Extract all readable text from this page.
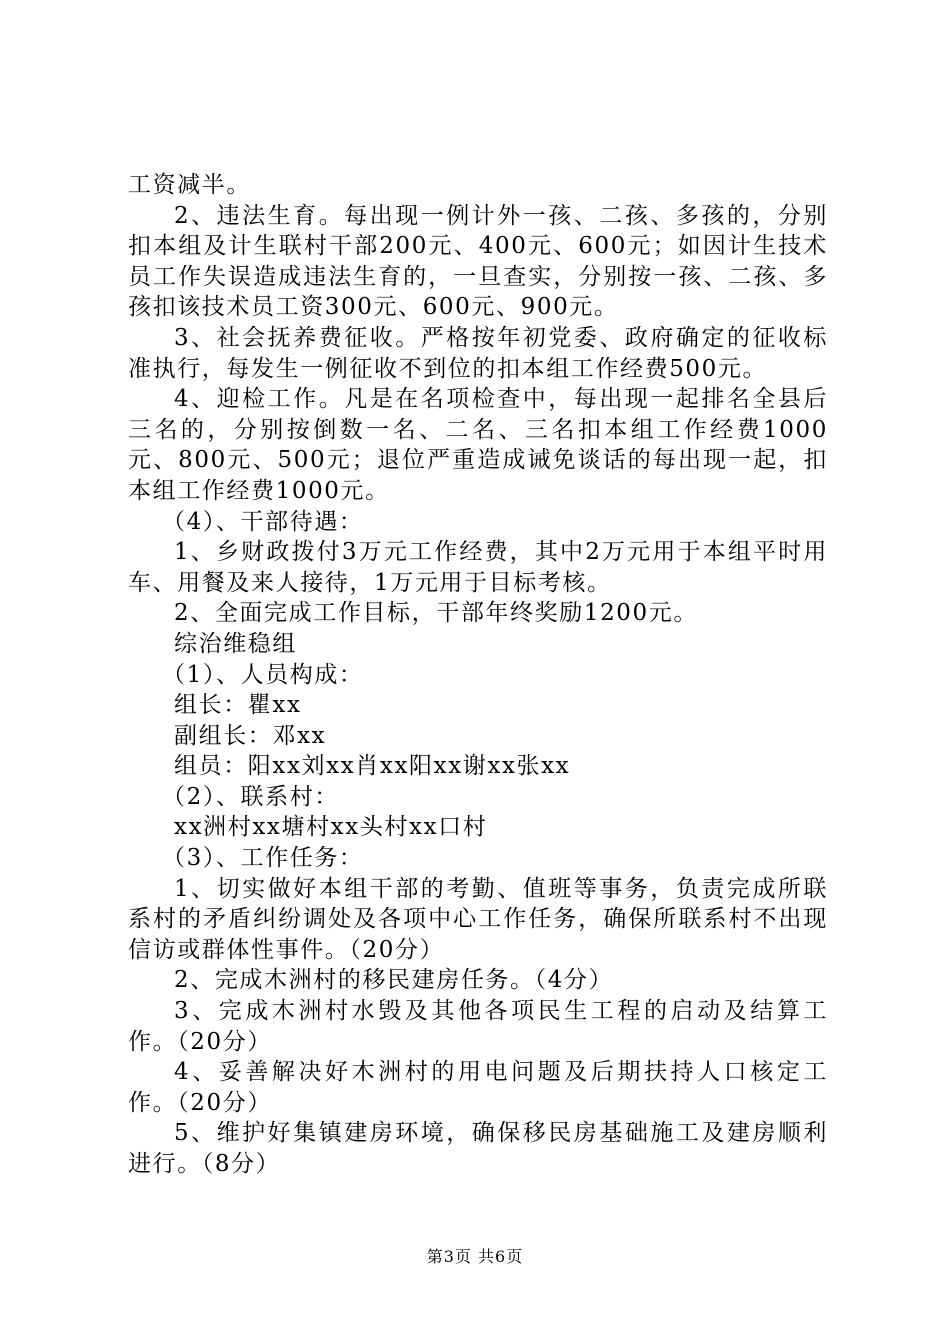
工资减半。

2、违法生育。每出现一例计外一孩、二孩、多孩的，分别扣本组及计生联村干部200元、400元、600元；如因计生技术员工作失误造成违法生育的，一旦查实，分别按一孩、二孩、多孩扣该技术员工资300元、600元、900元。

3、社会抚养费征收。严格按年初党委、政府确定的征收标准执行，每发生一例征收不到位的扣本组工作经费500元。

4、迎检工作。凡是在名项检查中，每出现一起排名全县后三名的，分别按倒数一名、二名、三名扣本组工作经费1000元、800元、500元；退位严重造成诫免谈话的每出现一起，扣本组工作经费1000元。

（4）、干部待遇：

1、乡财政拨付3万元工作经费，其中2万元用于本组平时用车、用餐及来人接待，1万元用于目标考核。

2、全面完成工作目标，干部年终奖励1200元。

综治维稳组

（1）、人员构成：

组长：瞿xx

副组长：邓xx

组员：阳xx刘xx肖xx阳xx谢xx张xx

（2）、联系村：

xx洲村xx塘村xx头村xx口村

（3）、工作任务：

1、切实做好本组干部的考勤、值班等事务，负责完成所联系村的矛盾纠纷调处及各项中心工作任务，确保所联系村不出现信访或群体性事件。（20分）

2、完成木洲村的移民建房任务。（4分）

3、完成木洲村水毁及其他各项民生工程的启动及结算工作。（20分）

4、妥善解决好木洲村的用电问题及后期扶持人口核定工作。（20分）

5、维护好集镇建房环境，确保移民房基础施工及建房顺利进行。（8分）

第3页 共6页
